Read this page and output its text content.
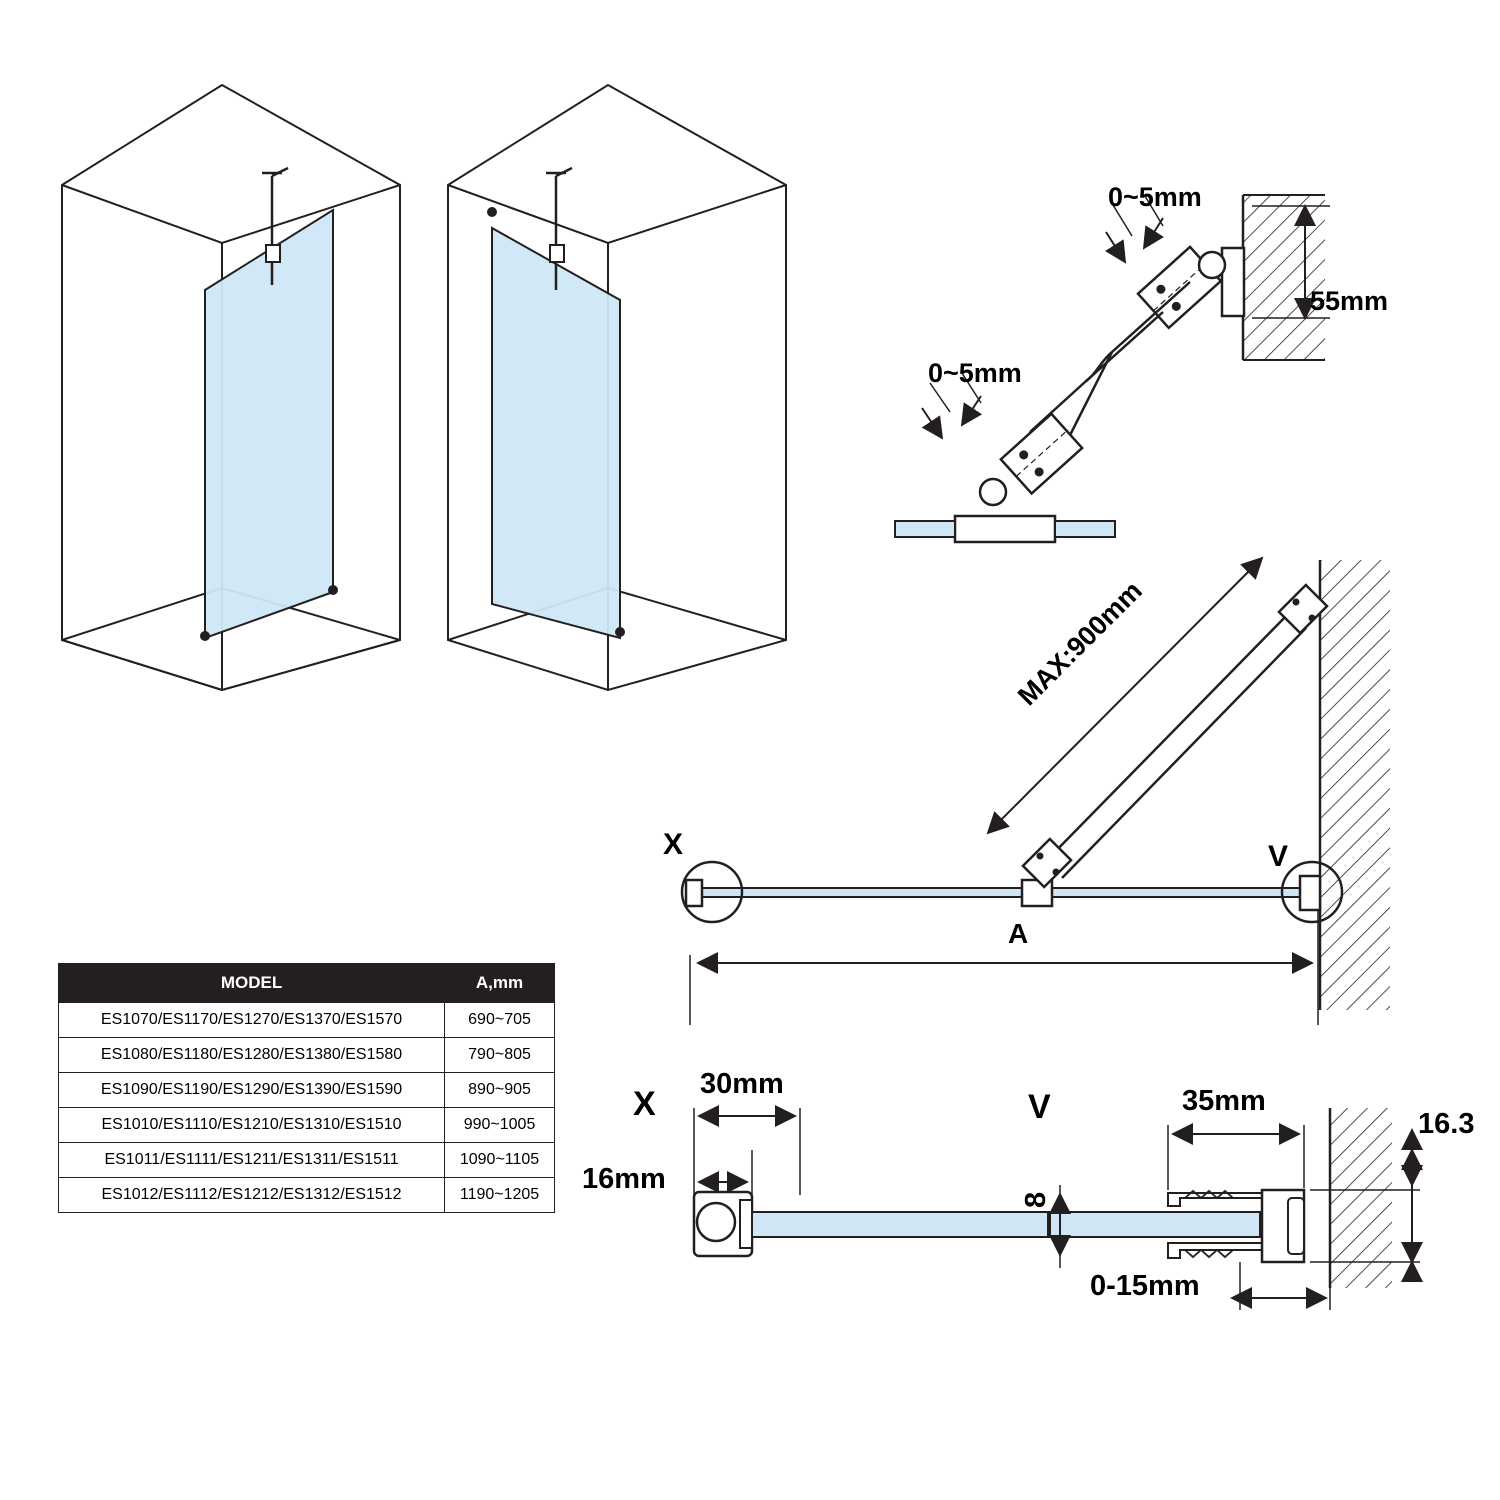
0~5mm
0~5mm
55mm
MAX:900mm
X	V
A
X
30mm
16mm
V	35mm
16.3
8
0-15mm
MODEL	A,mm
ES1070/ES1170/ES1270/ES1370/ES1570	690~705
ES1080/ES1180/ES1280/ES1380/ES1580	790~805
ES1090/ES1190/ES1290/ES1390/ES1590	890~905
ES1010/ES1110/ES1210/ES1310/ES1510	990~1005
ES1011/ES1111/ES1211/ES1311/ES1511	1090~1105
ES1012/ES1112/ES1212/ES1312/ES1512	1190~1205
